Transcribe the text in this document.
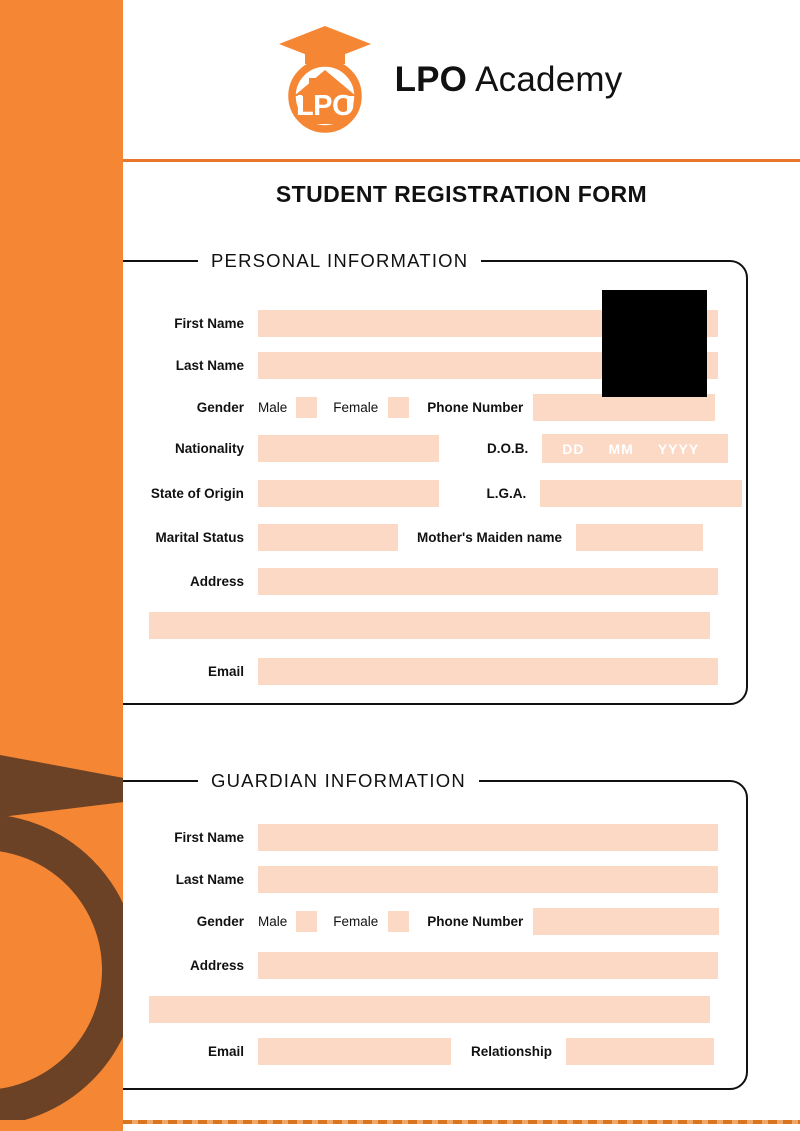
LPO
LPO Academy
STUDENT REGISTRATION FORM
PERSONAL INFORMATION
First Name
Last Name
Gender Male	Female	Phone Number
Nationality	D.O.B. DD MM YYYY
State of Origin	L.G.A.
Marital Status	Mother's Maiden name
Address
Email
GUARDIAN INFORMATION
First Name
Last Name
Gender Male	Female	Phone Number
Address
Email	Relationship
